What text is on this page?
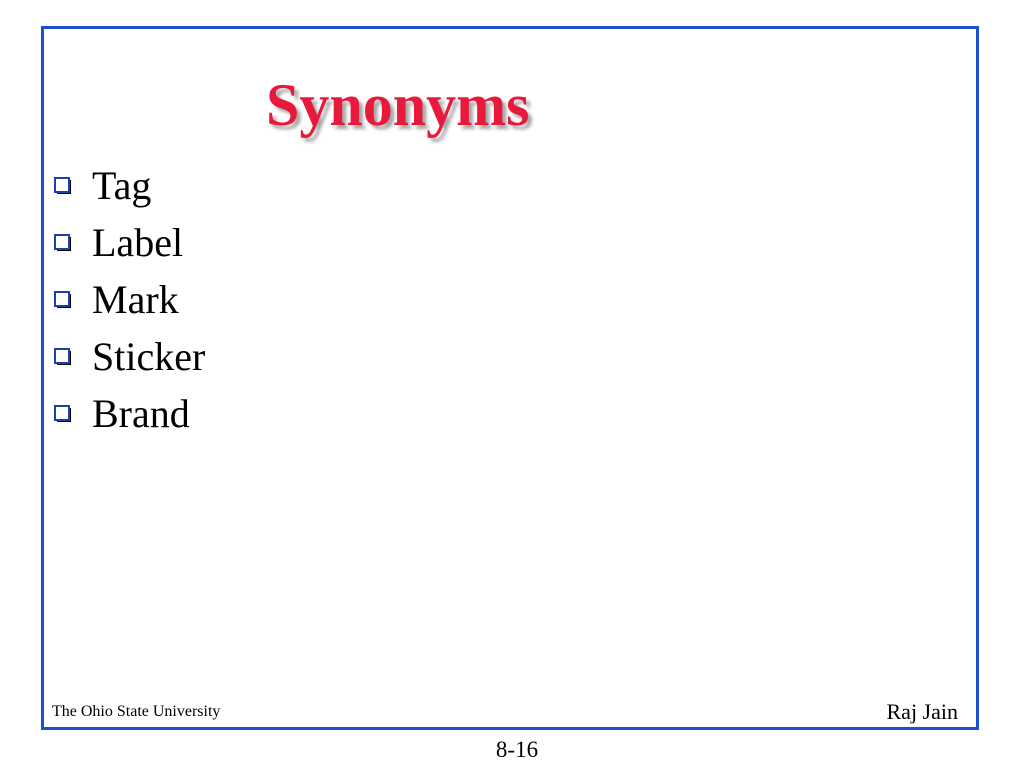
Synonyms
Tag
Label
Mark
Sticker
Brand
The Ohio State University	Raj Jain
8-16
